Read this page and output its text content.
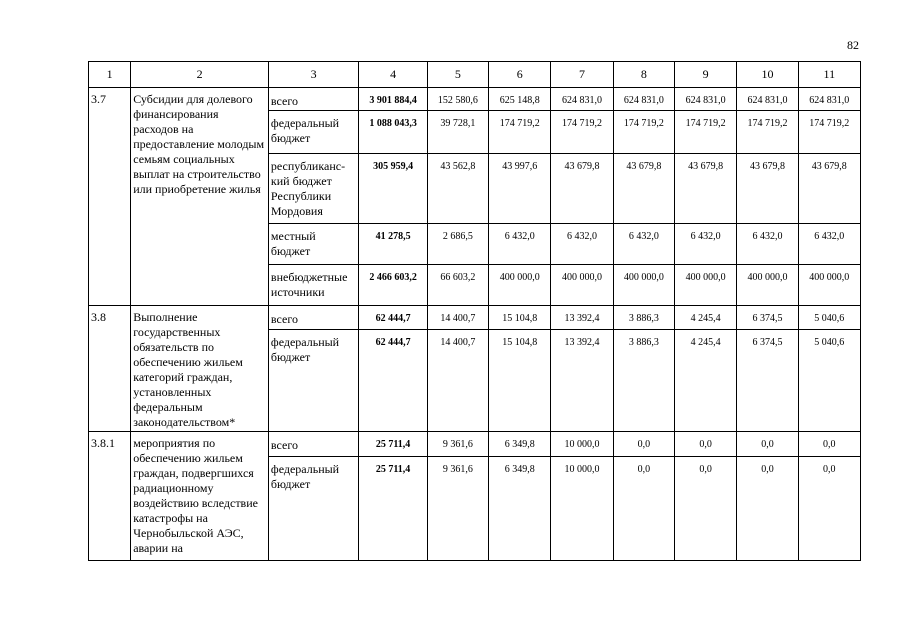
82
1	2	3	4	5	6	7	8	9	10	11
3.7	Субсидии для долевого финансирования расходов на предоставление молодым семьям социальных выплат на строительство или приобретение жилья	всего	3 901 884,4	152 580,6	625 148,8	624 831,0	624 831,0	624 831,0	624 831,0	624 831,0
		федеральный бюджет	1 088 043,3	39 728,1	174 719,2	174 719,2	174 719,2	174 719,2	174 719,2	174 719,2
		республиканс-кий бюджет Республики Мордовия	305 959,4	43 562,8	43 997,6	43 679,8	43 679,8	43 679,8	43 679,8	43 679,8
		местный бюджет	41 278,5	2 686,5	6 432,0	6 432,0	6 432,0	6 432,0	6 432,0	6 432,0
		внебюджетные источники	2 466 603,2	66 603,2	400 000,0	400 000,0	400 000,0	400 000,0	400 000,0	400 000,0
3.8	Выполнение государственных обязательств по обеспечению жильем категорий граждан, установленных федеральным законодательством*	всего	62 444,7	14 400,7	15 104,8	13 392,4	3 886,3	4 245,4	6 374,5	5 040,6
		федеральный бюджет	62 444,7	14 400,7	15 104,8	13 392,4	3 886,3	4 245,4	6 374,5	5 040,6
3.8.1	мероприятия по обеспечению жильем граждан, подвергшихся радиационному воздействию вследствие катастрофы на Чернобыльской АЭС, аварии на	всего	25 711,4	9 361,6	6 349,8	10 000,0	0,0	0,0	0,0	0,0
		федеральный бюджет	25 711,4	9 361,6	6 349,8	10 000,0	0,0	0,0	0,0	0,0
